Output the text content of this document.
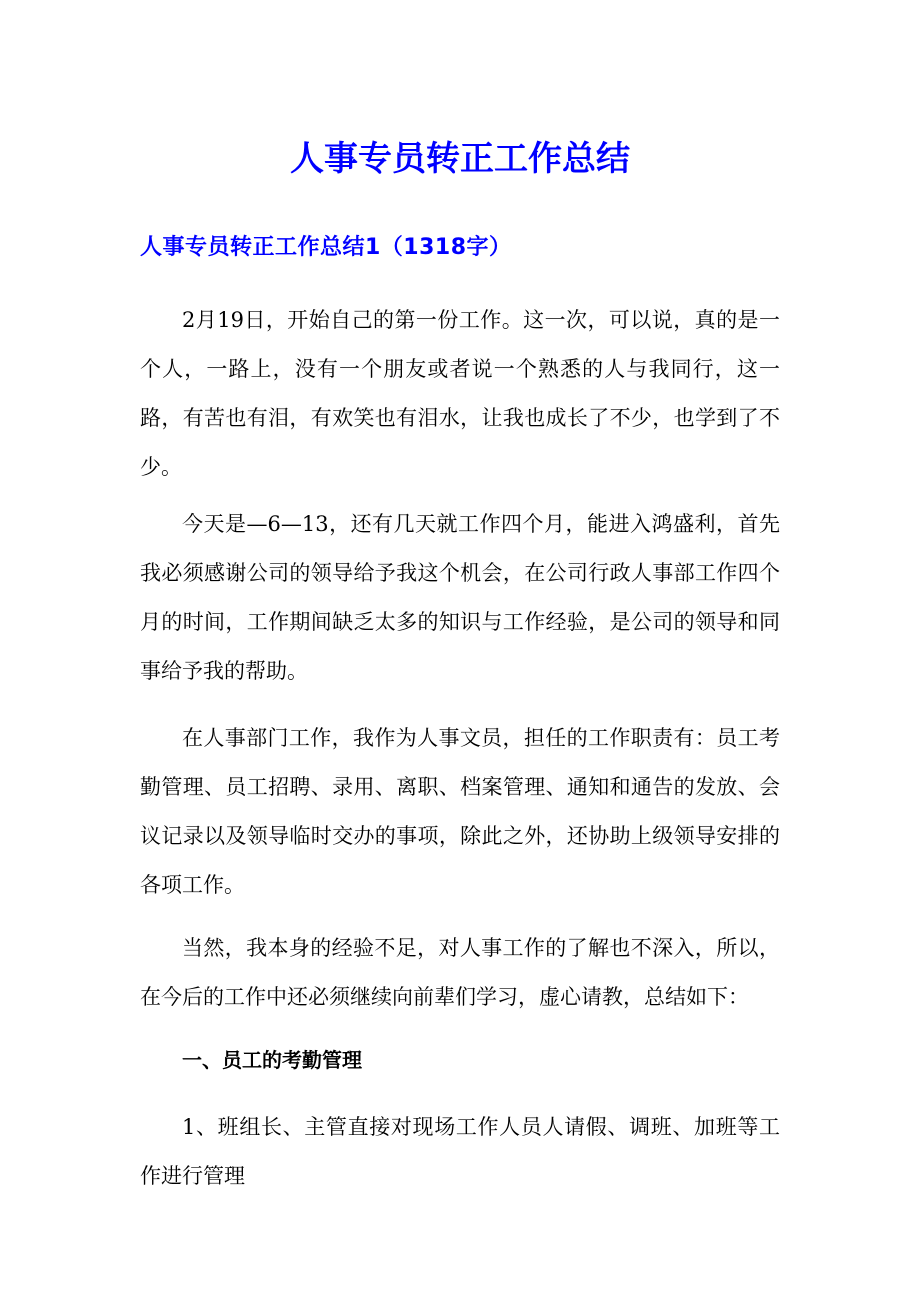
人事专员转正工作总结
人事专员转正工作总结1（1318字）

2月19日，开始自己的第一份工作。这一次，可以说，真的是一个人，一路上，没有一个朋友或者说一个熟悉的人与我同行，这一路，有苦也有泪，有欢笑也有泪水，让我也成长了不少，也学到了不少。

今天是—6—13，还有几天就工作四个月，能进入鸿盛利，首先我必须感谢公司的领导给予我这个机会，在公司行政人事部工作四个月的时间，工作期间缺乏太多的知识与工作经验，是公司的领导和同事给予我的帮助。

在人事部门工作，我作为人事文员，担任的工作职责有：员工考勤管理、员工招聘、录用、离职、档案管理、通知和通告的发放、会议记录以及领导临时交办的事项，除此之外，还协助上级领导安排的各项工作。

当然，我本身的经验不足，对人事工作的了解也不深入，所以，在今后的工作中还必须继续向前辈们学习，虚心请教，总结如下：

一、员工的考勤管理

1、班组长、主管直接对现场工作人员人请假、调班、加班等工作进行管理
